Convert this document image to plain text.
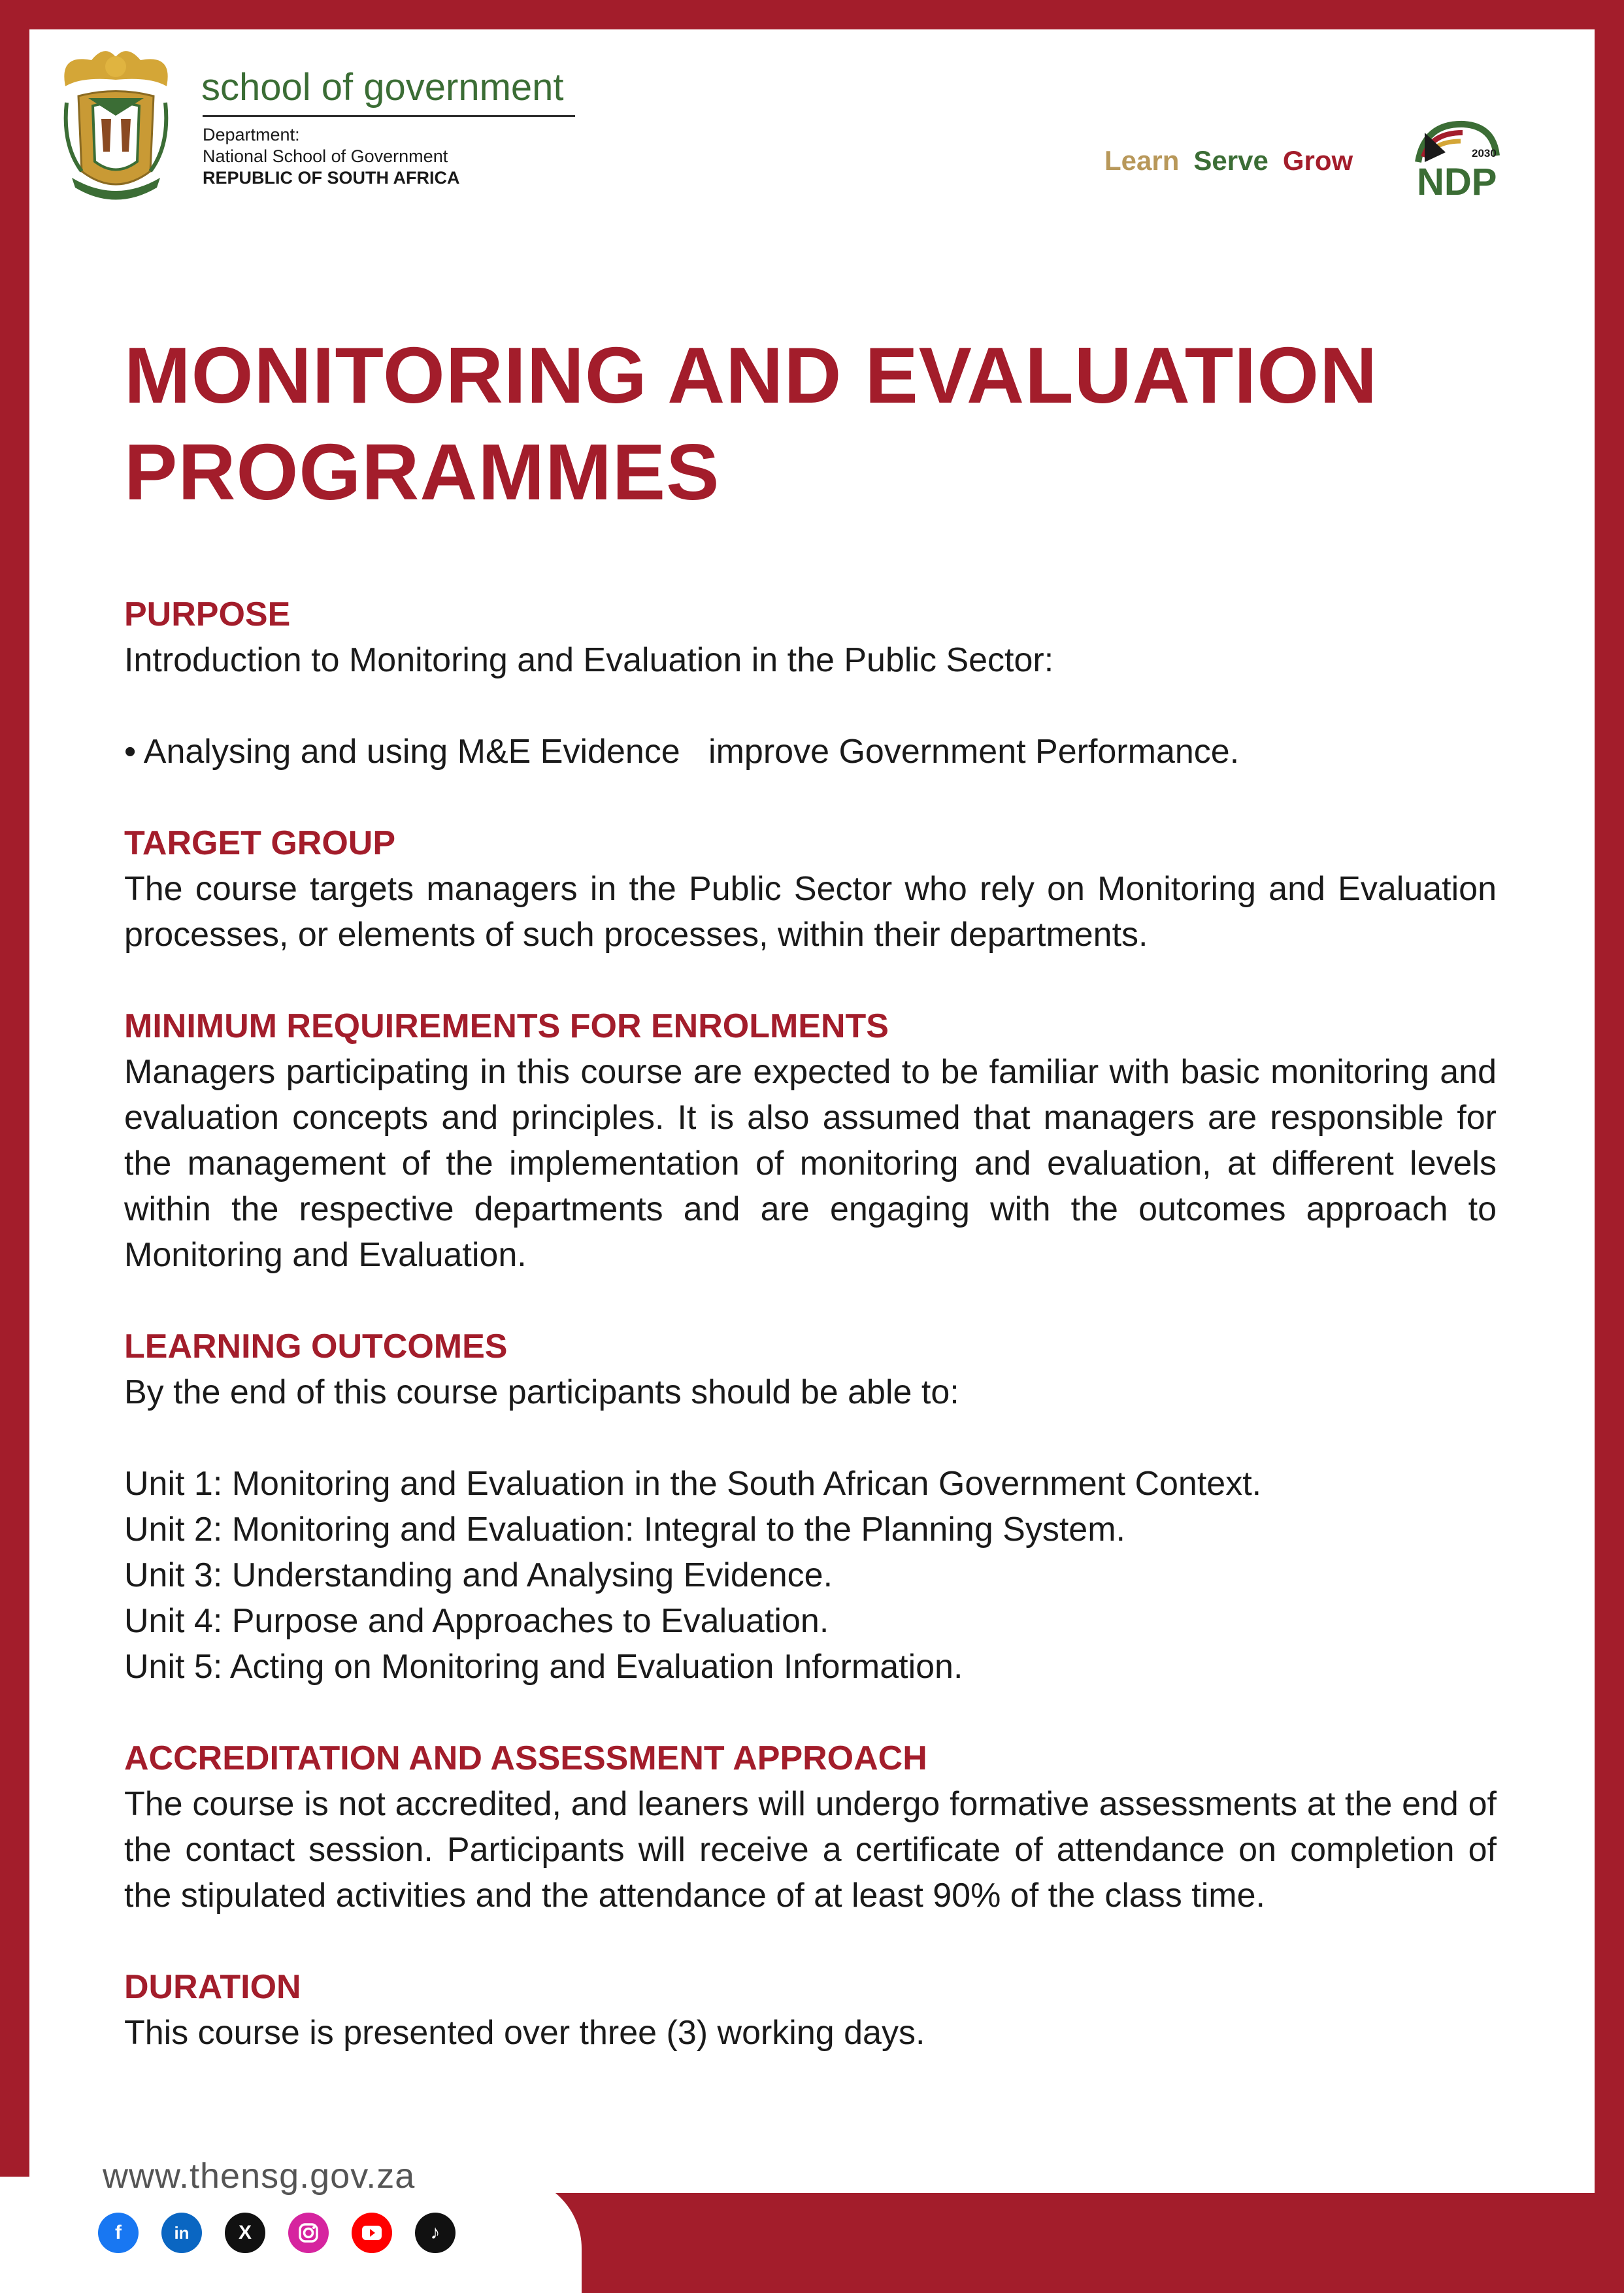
school of government
Department:
National School of Government
REPUBLIC OF SOUTH AFRICA
Learn Serve Grow	2030
NDP
MONITORING AND EVALUATION
PROGRAMMES
PURPOSE
Introduction to Monitoring and Evaluation in the Public Sector:
• Analysing and using M&E Evidence   improve Government Performance.
TARGET GROUP
The course targets managers in the Public Sector who rely on Monitoring and Evaluation processes, or elements of such processes, within their departments.
MINIMUM REQUIREMENTS FOR ENROLMENTS
Managers participating in this course are expected to be familiar with basic monitoring and evaluation concepts and principles. It is also assumed that managers are responsible for the management of the implementation of monitoring and evaluation, at different levels within the respective departments and are engaging with the outcomes approach to Monitoring and Evaluation.
LEARNING OUTCOMES
By the end of this course participants should be able to:
Unit 1: Monitoring and Evaluation in the South African Government Context.
Unit 2: Monitoring and Evaluation: Integral to the Planning System.
Unit 3: Understanding and Analysing Evidence.
Unit 4: Purpose and Approaches to Evaluation.
Unit 5: Acting on Monitoring and Evaluation Information.
ACCREDITATION AND ASSESSMENT APPROACH
The course is not accredited, and leaners will undergo formative assessments at the end of the contact session. Participants will receive a certificate of attendance on completion of the stipulated activities and the attendance of at least 90% of the class time.
DURATION
This course is presented over three (3) working days.
www.thensg.gov.za
f	in	X	♪
